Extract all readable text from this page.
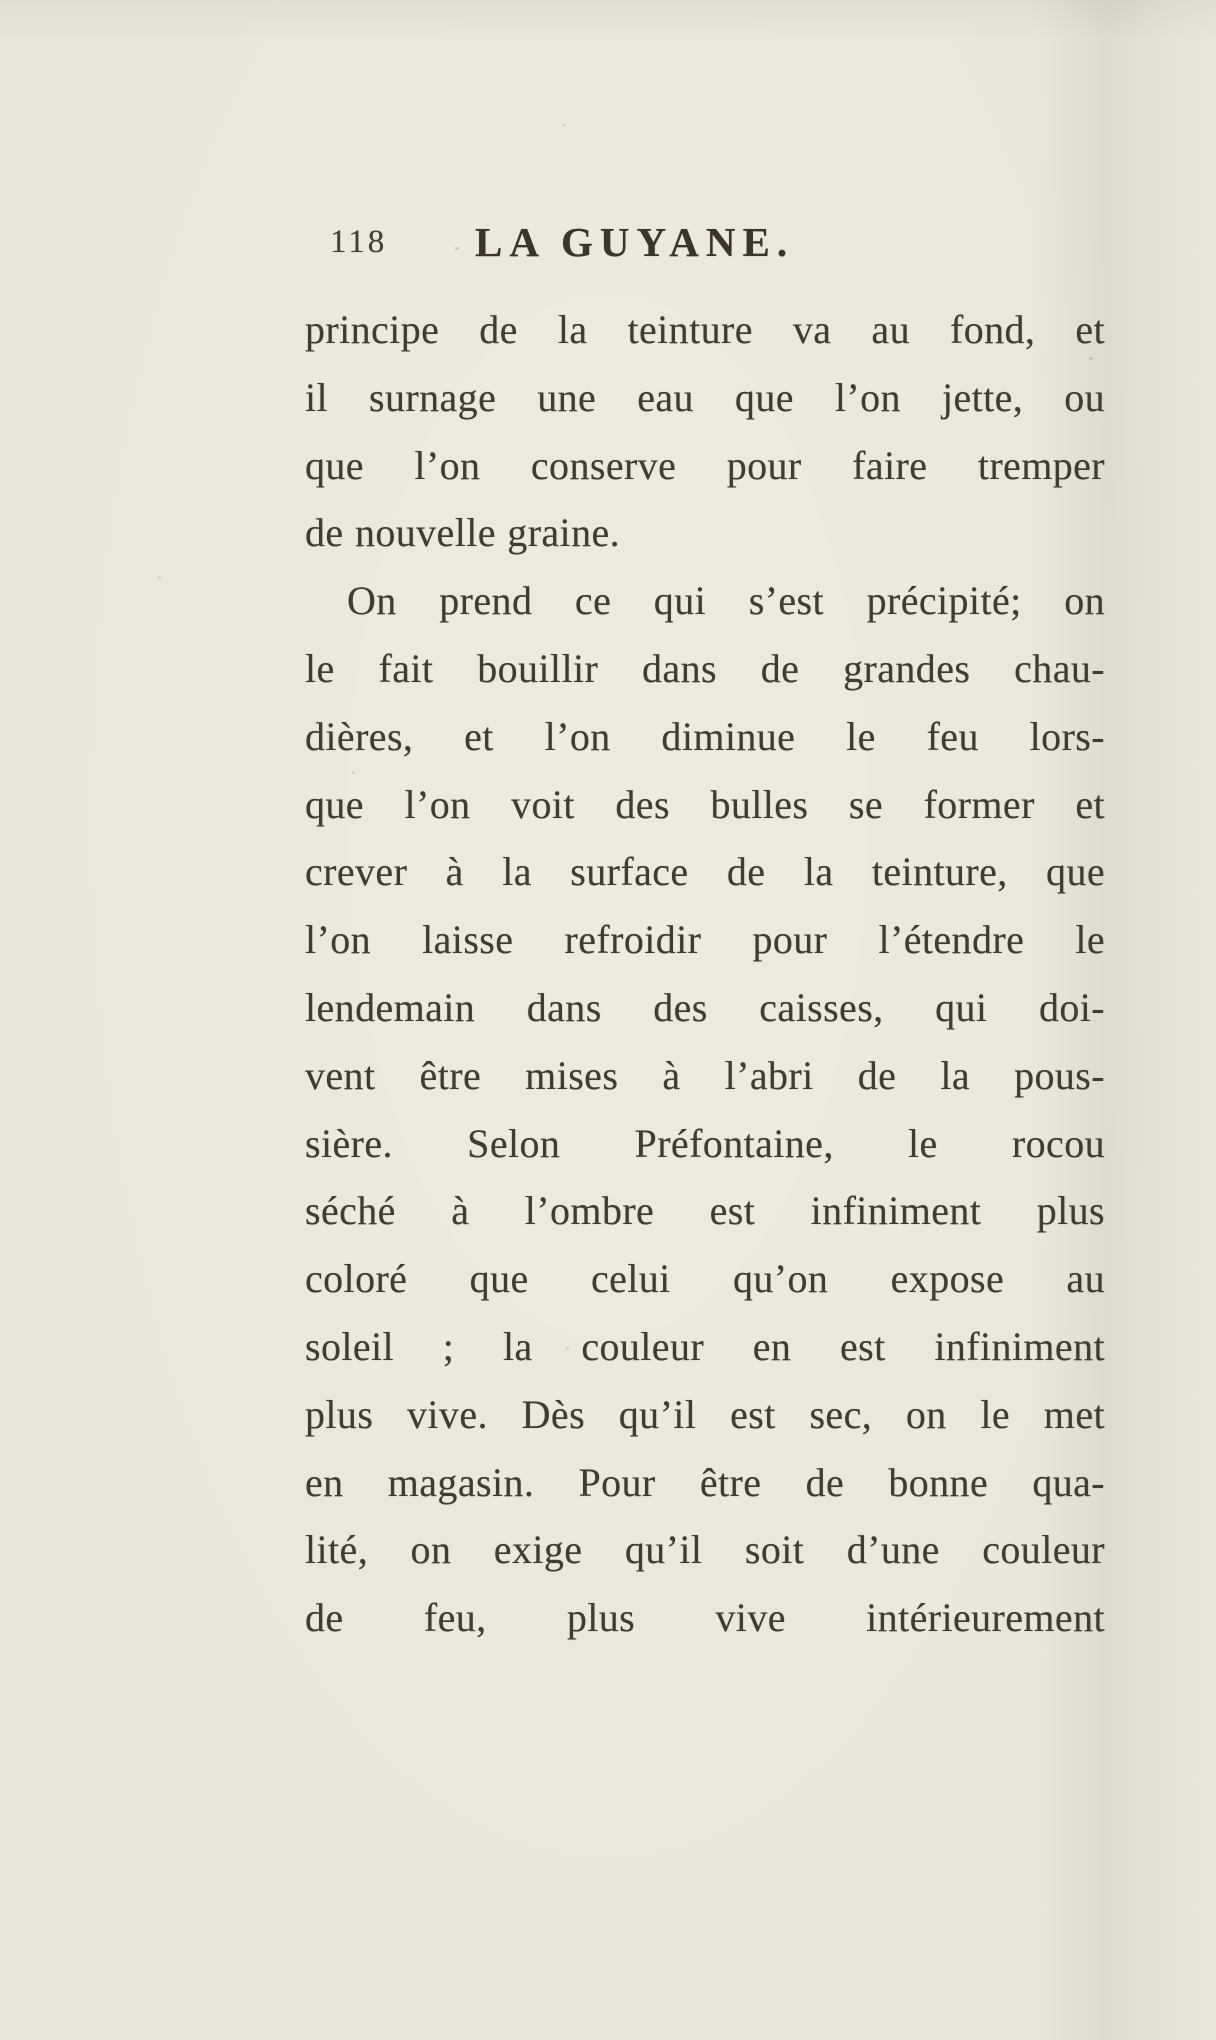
118 LA GUYANE.
principe de la teinture va au fond, et
il surnage une eau que l’on jette, ou
que l’on conserve pour faire tremper
de nouvelle graine.
On prend ce qui s’est précipité; on
le fait bouillir dans de grandes chau-
dières, et l’on diminue le feu lors-
que l’on voit des bulles se former et
crever à la surface de la teinture, que
l’on laisse refroidir pour l’étendre le
lendemain dans des caisses, qui doi-
vent être mises à l’abri de la pous-
sière. Selon Préfontaine, le rocou
séché à l’ombre est infiniment plus
coloré que celui qu’on expose au
soleil ; la couleur en est infiniment
plus vive. Dès qu’il est sec, on le met
en magasin. Pour être de bonne qua-
lité, on exige qu’il soit d’une couleur
de feu, plus vive intérieurement
